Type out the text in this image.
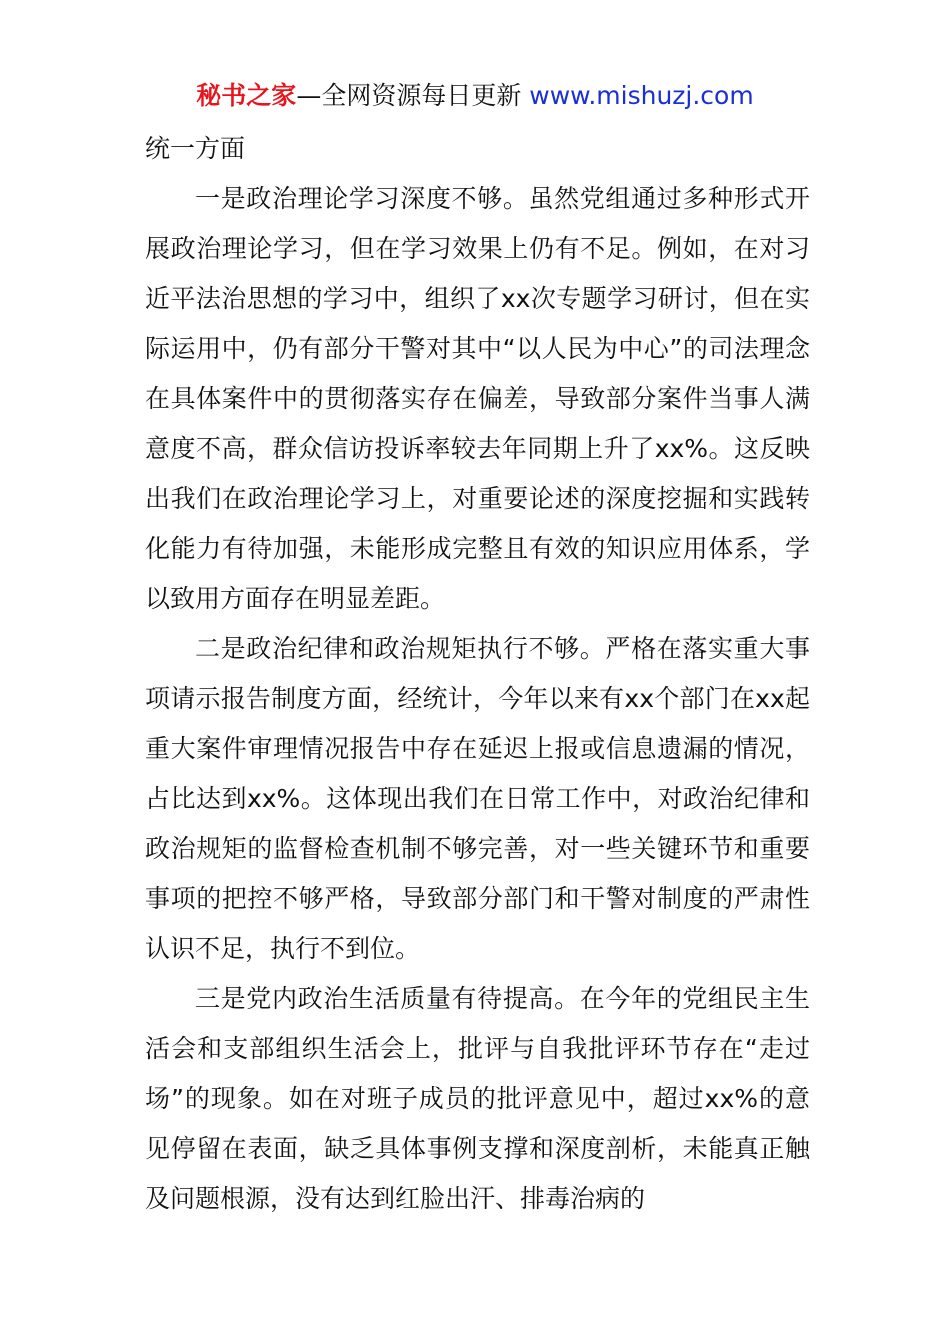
秘书之家—全网资源每日更新 www.mishuzj.com

统一方面

一是政治理论学习深度不够。虽然党组通过多种形式开展政治理论学习，但在学习效果上仍有不足。例如，在对习近平法治思想的学习中，组织了xx次专题学习研讨，但在实际运用中，仍有部分干警对其中“以人民为中心”的司法理念在具体案件中的贯彻落实存在偏差，导致部分案件当事人满意度不高，群众信访投诉率较去年同期上升了xx%。这反映出我们在政治理论学习上，对重要论述的深度挖掘和实践转化能力有待加强，未能形成完整且有效的知识应用体系，学以致用方面存在明显差距。

二是政治纪律和政治规矩执行不够。严格在落实重大事项请示报告制度方面，经统计，今年以来有xx个部门在xx起重大案件审理情况报告中存在延迟上报或信息遗漏的情况，占比达到xx%。这体现出我们在日常工作中，对政治纪律和政治规矩的监督检查机制不够完善，对一些关键环节和重要事项的把控不够严格，导致部分部门和干警对制度的严肃性认识不足，执行不到位。

三是党内政治生活质量有待提高。在今年的党组民主生活会和支部组织生活会上，批评与自我批评环节存在“走过场”的现象。如在对班子成员的批评意见中，超过xx%的意见停留在表面，缺乏具体事例支撑和深度剖析，未能真正触及问题根源，没有达到红脸出汗、排毒治病的
